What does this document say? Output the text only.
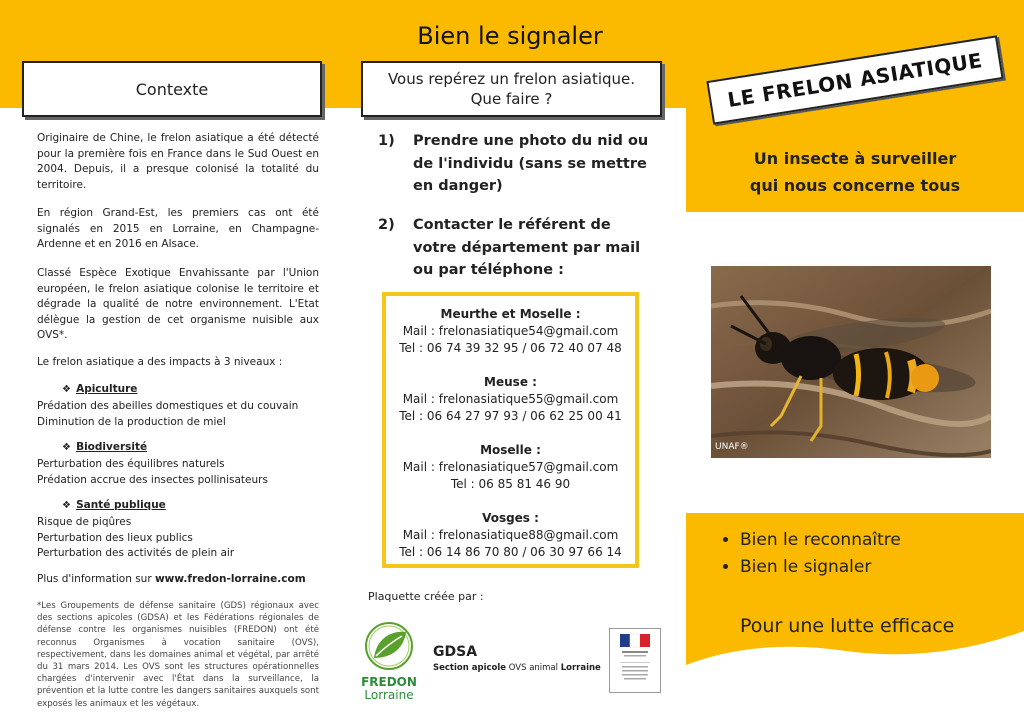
Bien le signaler
Contexte
Originaire de Chine, le frelon asiatique a été détecté pour la première fois en France dans le Sud Ouest en 2004. Depuis, il a presque colonisé la totalité du territoire.
En région Grand-Est, les premiers cas ont été signalés en 2015 en Lorraine, en Champagne-Ardenne et en 2016 en Alsace.
Classé Espèce Exotique Envahissante par l'Union européen, le frelon asiatique colonise le territoire et dégrade la qualité de notre environnement. L'Etat délègue la gestion de cet organisme nuisible aux OVS*.
Le frelon asiatique a des impacts à 3 niveaux :
❖ Apiculture
Prédation des abeilles domestiques et du couvain
Diminution de la production de miel
❖ Biodiversité
Perturbation des équilibres naturels
Prédation accrue des insectes pollinisateurs
❖ Santé publique
Risque de piqûres
Perturbation des lieux publics
Perturbation des activités de plein air
Plus d'information sur www.fredon-lorraine.com
*Les Groupements de défense sanitaire (GDS) régionaux avec des sections apicoles (GDSA) et les Fédérations régionales de défense contre les organismes nuisibles (FREDON) ont été reconnus Organismes à vocation sanitaire (OVS), respectivement, dans les domaines animal et végétal, par arrêté du 31 mars 2014. Les OVS sont les structures opérationnelles chargées d'intervenir avec l'État dans la surveillance, la prévention et la lutte contre les dangers sanitaires auxquels sont exposés les animaux et les végétaux.
Vous repérez un frelon asiatique.
Que faire ?
1) Prendre une photo du nid ou de l'individu (sans se mettre en danger)
2) Contacter le référent de votre département par mail ou par téléphone :
Meurthe et Moselle :
Mail : frelonasiatique54@gmail.com
Tel : 06 74 39 32 95 / 06 72 40 07 48
Meuse :
Mail : frelonasiatique55@gmail.com
Tel : 06 64 27 97 93 / 06 62 25 00 41
Moselle :
Mail : frelonasiatique57@gmail.com
Tel : 06 85 81 46 90
Vosges :
Mail : frelonasiatique88@gmail.com
Tel : 06 14 86 70 80 / 06 30 97 66 14
Plaquette créée par :
FREDON
Lorraine
GDSA
Section apicole OVS animal Lorraine
LE FRELON ASIATIQUE
Un insecte à surveiller
qui nous concerne tous
UNAF®
• Bien le reconnaître
• Bien le signaler
Pour une lutte efficace
